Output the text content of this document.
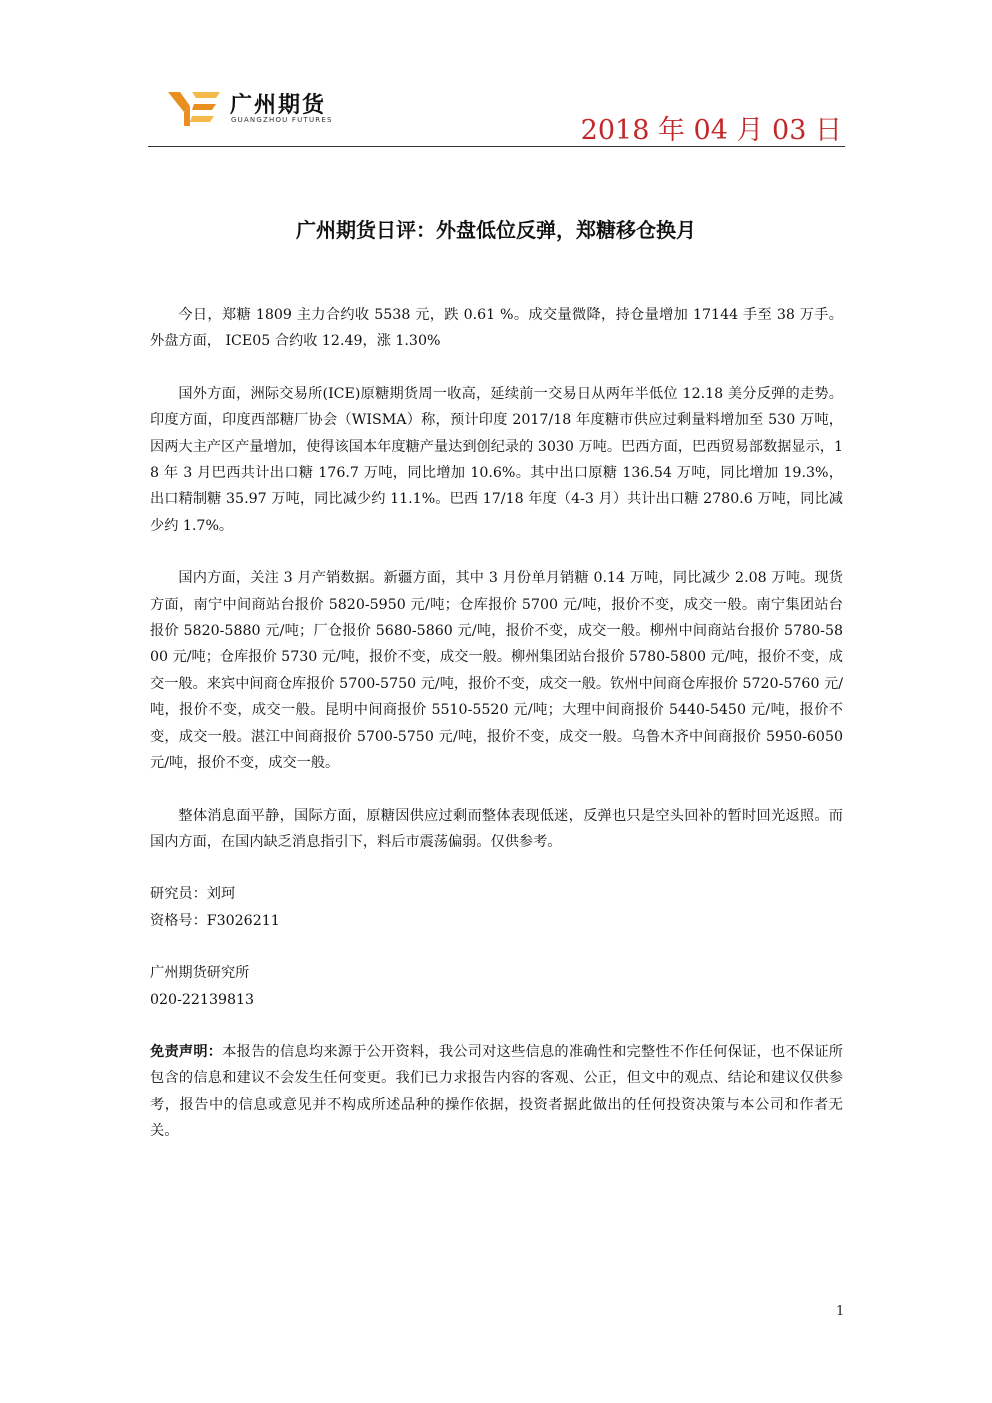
广州期货
GUANGZHOU FUTURES	2018 年 04 月 03 日
广州期货日评：外盘低位反弹，郑糖移仓换月

今日，郑糖 1809 主力合约收 5538 元，跌 0.61 %。成交量微降，持仓量增加 17144 手至 38 万手。外盘方面， ICE05 合约收 12.49，涨 1.30%

国外方面，洲际交易所(ICE)原糖期货周一收高，延续前一交易日从两年半低位 12.18 美分反弹的走势。印度方面，印度西部糖厂协会（WISMA）称，预计印度 2017/18 年度糖市供应过剩量料增加至 530 万吨，因两大主产区产量增加，使得该国本年度糖产量达到创纪录的 3030 万吨。巴西方面，巴西贸易部数据显示，18 年 3 月巴西共计出口糖 176.7 万吨，同比增加 10.6%。其中出口原糖 136.54 万吨，同比增加 19.3%，出口精制糖 35.97 万吨，同比减少约 11.1%。巴西 17/18 年度（4-3 月）共计出口糖 2780.6 万吨，同比减少约 1.7%。

国内方面，关注 3 月产销数据。新疆方面，其中 3 月份单月销糖 0.14 万吨，同比减少 2.08 万吨。现货方面，南宁中间商站台报价 5820-5950 元/吨；仓库报价 5700 元/吨，报价不变，成交一般。南宁集团站台报价 5820-5880 元/吨；厂仓报价 5680-5860 元/吨，报价不变，成交一般。柳州中间商站台报价 5780-5800 元/吨；仓库报价 5730 元/吨，报价不变，成交一般。柳州集团站台报价 5780-5800 元/吨，报价不变，成交一般。来宾中间商仓库报价 5700-5750 元/吨，报价不变，成交一般。钦州中间商仓库报价 5720-5760 元/吨，报价不变，成交一般。昆明中间商报价 5510-5520 元/吨；大理中间商报价 5440-5450 元/吨，报价不变，成交一般。湛江中间商报价 5700-5750 元/吨，报价不变，成交一般。乌鲁木齐中间商报价 5950-6050 元/吨，报价不变，成交一般。

整体消息面平静，国际方面，原糖因供应过剩而整体表现低迷，反弹也只是空头回补的暂时回光返照。而国内方面，在国内缺乏消息指引下，料后市震荡偏弱。仅供参考。

研究员：刘珂

资格号：F3026211

广州期货研究所

020-22139813

免责声明：本报告的信息均来源于公开资料，我公司对这些信息的准确性和完整性不作任何保证，也不保证所包含的信息和建议不会发生任何变更。我们已力求报告内容的客观、公正，但文中的观点、结论和建议仅供参考，报告中的信息或意见并不构成所述品种的操作依据，投资者据此做出的任何投资决策与本公司和作者无关。

1
